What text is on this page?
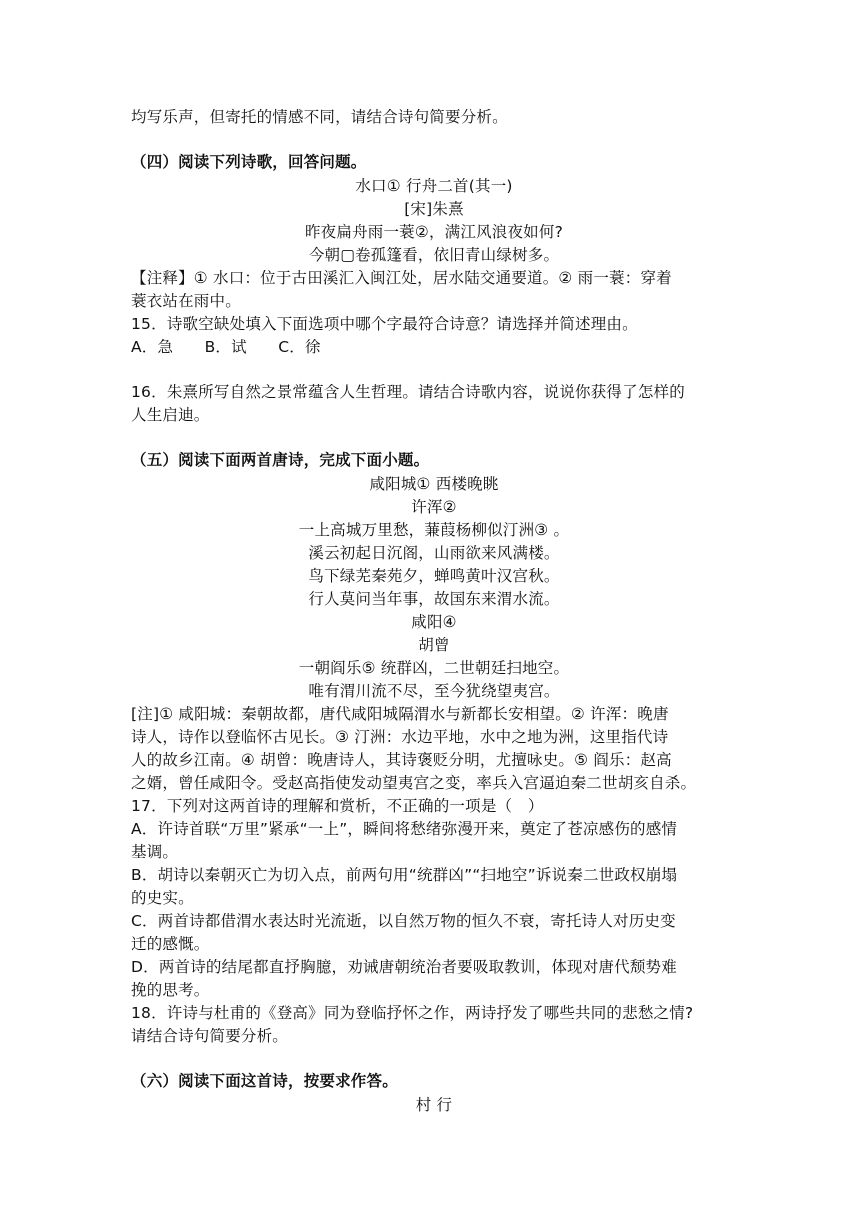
均写乐声，但寄托的情感不同，请结合诗句简要分析。
（四）阅读下列诗歌，回答问题。
水口① 行舟二首(其一)
[宋]朱熹
昨夜扁舟雨一蓑②，满江风浪夜如何?
今朝▢卷孤篷看，依旧青山绿树多。
【注释】① 水口：位于古田溪汇入闽江处，居水陆交通要道。② 雨一蓑：穿着
蓑衣站在雨中。
15．诗歌空缺处填入下面选项中哪个字最符合诗意？请选择并简述理由。
A．急　　B．试　　C．徐
16．朱熹所写自然之景常蕴含人生哲理。请结合诗歌内容，说说你获得了怎样的
人生启迪。
（五）阅读下面两首唐诗，完成下面小题。
咸阳城① 西楼晚眺
许浑②
一上高城万里愁，蒹葭杨柳似汀洲③ 。
溪云初起日沉阁，山雨欲来风满楼。
鸟下绿芜秦苑夕，蝉鸣黄叶汉宫秋。
行人莫问当年事，故国东来渭水流。
咸阳④
胡曾
一朝阎乐⑤ 统群凶，二世朝廷扫地空。
唯有渭川流不尽，至今犹绕望夷宫。
[注]① 咸阳城：秦朝故都，唐代咸阳城隔渭水与新都长安相望。② 许浑：晚唐
诗人，诗作以登临怀古见长。③ 汀洲：水边平地，水中之地为洲，这里指代诗
人的故乡江南。④ 胡曾：晚唐诗人，其诗褒贬分明，尤擅咏史。⑤ 阎乐：赵高
之婿，曾任咸阳令。受赵高指使发动望夷宫之变，率兵入宫逼迫秦二世胡亥自杀。
17．下列对这两首诗的理解和赏析，不正确的一项是（　）
A．许诗首联“万里”紧承“一上”，瞬间将愁绪弥漫开来，奠定了苍凉感伤的感情
基调。
B．胡诗以秦朝灭亡为切入点，前两句用“统群凶”“扫地空”诉说秦二世政权崩塌
的史实。
C．两首诗都借渭水表达时光流逝，以自然万物的恒久不衰，寄托诗人对历史变
迁的感慨。
D．两首诗的结尾都直抒胸臆，劝诫唐朝统治者要吸取教训，体现对唐代颓势难
挽的思考。
18．许诗与杜甫的《登高》同为登临抒怀之作，两诗抒发了哪些共同的悲愁之情?
请结合诗句简要分析。
（六）阅读下面这首诗，按要求作答。
村 行
